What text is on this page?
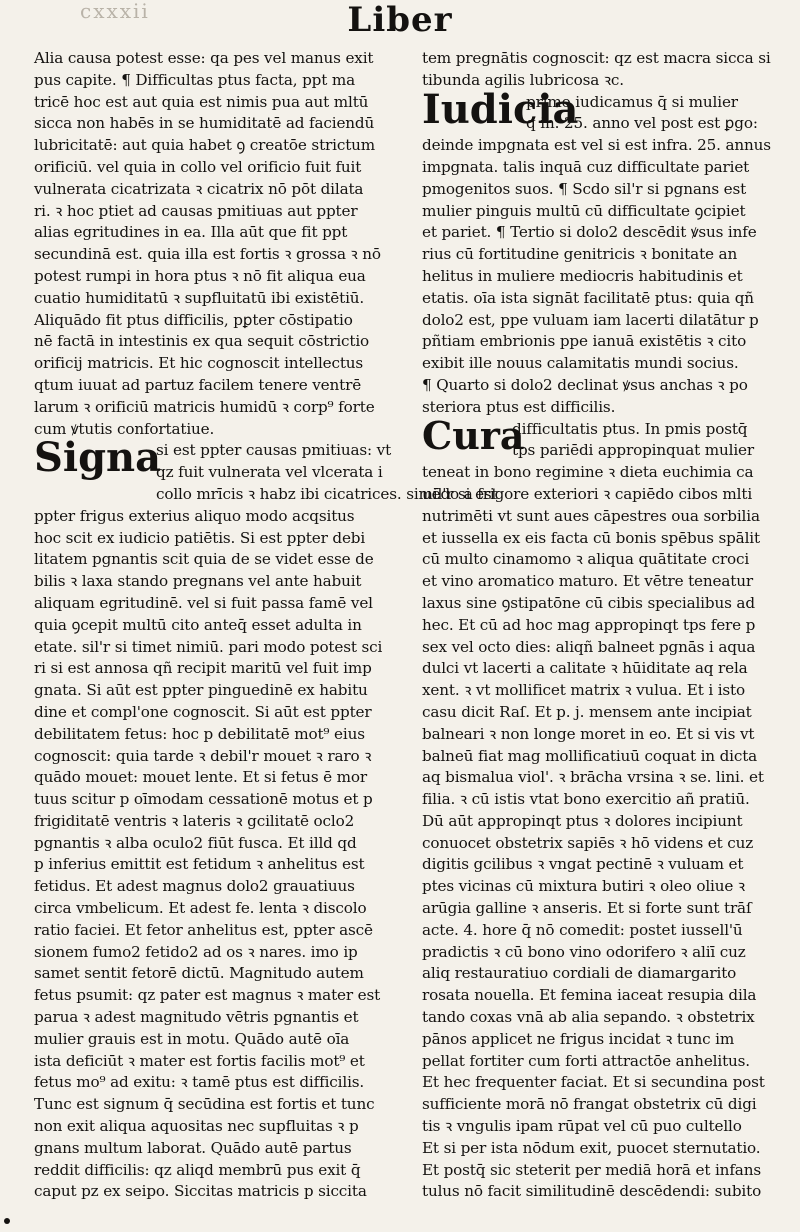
cxxxii	Liber
Alia causa potest esse: qa pes vel manus exit
pus capite. ¶ Difficultas ptus facta, ppt ma
tricē hoc est aut quia est nimis pua aut mltū
sicca non habēs in se humiditatē ad faciendū
lubricitatē: aut quia habet ꝯ creatōe strictum
orificiū. vel quia in collo vel orificio fuit fuit
vulnerata cicatrizata ꝛ cicatrix nō pōt dilata
ri. ꝛ hoc ptiet ad causas pmitiuas aut ppter
alias egritudines in ea. Illa aūt que fit ppt
secundinā est. quia illa est fortis ꝛ grossa ꝛ nō
potest rumpi in hora ptus ꝛ nō fit aliqua eua
cuatio humiditatū ꝛ supfluitatū ibi existētiū.
Aliquādo fit ptus difficilis, pꝑter cōstipatio
nē factā in intestinis ex qua sequit cōstrictio
orificij matricis. Et hic cognoscit intellectus
qtum iuuat ad partuz facilem tenere ventrē
larum ꝛ orificiū matricis humidū ꝛ corp⁹ forte
cum ꝟtutis confortatiue.
Signa
si est ppter causas pmitiuas: vt
qz fuit vulnerata vel vlcerata i
collo mrīcis ꝛ habz ibi cicatrices. simil'r si est
ppter frigus exterius aliquo modo acqsitus
hoc scit ex iudicio patiētis. Si est ppter debi
litatem pgnantis scit quia de se videt esse de
bilis ꝛ laxa stando pregnans vel ante habuit
aliquam egritudinē. vel si fuit passa famē vel
quia ꝯcepit multū cito anteq̄ esset adulta in
etate. sil'r si timet nimiū. pari modo potest sci
ri si est annosa qñ recipit maritū vel fuit imp
gnata. Si aūt est ppter pinguedinē ex habitu
dine et compl'one cognoscit. Si aūt est ppter
debilitatem fetus: hoc p debilitatē mot⁹ eius
cognoscit: quia tarde ꝛ debil'r mouet ꝛ raro ꝛ
quādo mouet: mouet lente. Et si fetus ē mor
tuus scitur p oīmodam cessationē motus et p
frigiditatē ventris ꝛ lateris ꝛ gcilitatē oclo2
pgnantis ꝛ alba oculo2 fiūt fusca. Et illd qd
p inferius emittit est fetidum ꝛ anhelitus est
fetidus. Et adest magnus dolo2 grauatiuus
circa vmbelicum. Et adest fe. lenta ꝛ discolo
ratio faciei. Et fetor anhelitus est, ppter ascē
sionem fumo2 fetido2 ad os ꝛ nares. imo ip
samet sentit fetorē dictū. Magnitudo autem
fetus psumit: qz pater est magnus ꝛ mater est
parua ꝛ adest magnitudo vētris pgnantis et
mulier grauis est in motu. Quādo autē oīa
ista deficiūt ꝛ mater est fortis facilis mot⁹ et
fetus mo⁹ ad exitu: ꝛ tamē ptus est difficilis.
Tunc est signum q̄ secūdina est fortis et tunc
non exit aliqua aquositas nec supfluitas ꝛ p
gnans multum laborat. Quādo autē partus
reddit difficilis: qz aliqd membrū pus exit q̄
caput pz ex seipo. Siccitas matricis p siccita
tem pregnātis cognoscit: qz est macra sicca si
tibunda agilis lubricosa ꝛc.
Iudicia
primo iudicamus q̄ si mulier
q in. 25. anno vel post est ꝑgo:
deinde impgnata est vel si est infra. 25. annus
impgnata. talis inquā cuz difficultate pariet
pmogenitos suos. ¶ Scdo sil'r si pgnans est
mulier pinguis multū cū difficultate ꝯcipiet
et pariet. ¶ Tertio si dolo2 descēdit ꝟsus infe
rius cū fortitudine genitricis ꝛ bonitate an
helitus in muliere mediocris habitudinis et
etatis. oīa ista signāt facilitatē ptus: quia qñ
dolo2 est, ppe vuluam iam lacerti dilatātur p
pñtiam embrionis ppe ianuā existētis ꝛ cito
exibit ille nouus calamitatis mundi socius.
¶ Quarto si dolo2 declinat ꝟsus anchas ꝛ po
steriora ptus est difficilis.
Cura
difficultatis ptus. In pmis postq̄
tps pariēdi appropinquat mulier
teneat in bono regimine ꝛ dieta euchimia ca
uēdo a frigore exteriori ꝛ capiēdo cibos mlti
nutrimēti vt sunt aues cāpestres oua sorbilia
et iussella ex eis facta cū bonis spēbus spālit
cū multo cinamomo ꝛ aliqua quātitate croci
et vino aromatico maturo. Et vētre teneatur
laxus sine ꝯstipatōne cū cibis specialibus ad
hec. Et cū ad hoc mag appropinqt tps fere p
sex vel octo dies: aliqñ balneet pgnās i aqua
dulci vt lacerti a calitate ꝛ hūiditate aq rela
xent. ꝛ vt mollificet matrix ꝛ vulua. Et i isto
casu dicit Raſ. Et p. j. mensem ante incipiat
balneari ꝛ non longe moret in eo. Et si vis vt
balneū fiat mag mollificatiuū coquat in dicta
aq bismalua viol'. ꝛ brācha vrsina ꝛ se. lini. et
filia. ꝛ cū istis vtat bono exercitio añ pratiū.
Dū aūt appropinqt ptus ꝛ dolores incipiunt
conuocet obstetrix sapiēs ꝛ hō videns et cuz
digitis gcilibus ꝛ vngat pectinē ꝛ vuluam et
ptes vicinas cū mixtura butiri ꝛ oleo oliue ꝛ
arūgia galline ꝛ anseris. Et si forte sunt trāſ
acte. 4. hore q̄ nō comedit: postet iussell'ū
pradictis ꝛ cū bono vino odorifero ꝛ aliī cuz
aliq restauratiuo cordiali de diamargarito
rosata nouella. Et femina iaceat resupia dila
tando coxas vnā ab alia sepando. ꝛ obstetrix
pānos applicet ne frigus incidat ꝛ tunc im
pellat fortiter cum forti attractōe anhelitus.
Et hec frequenter faciat. Et si secundina post
sufficiente morā nō frangat obstetrix cū digi
tis ꝛ vngulis ipam rūpat vel cū puo cultello
Et si per ista nōdum exit, puocet sternutatio.
Et postq̄ sic steterit per mediā horā et infans
tulus nō facit similitudinē descēdendi: subito
